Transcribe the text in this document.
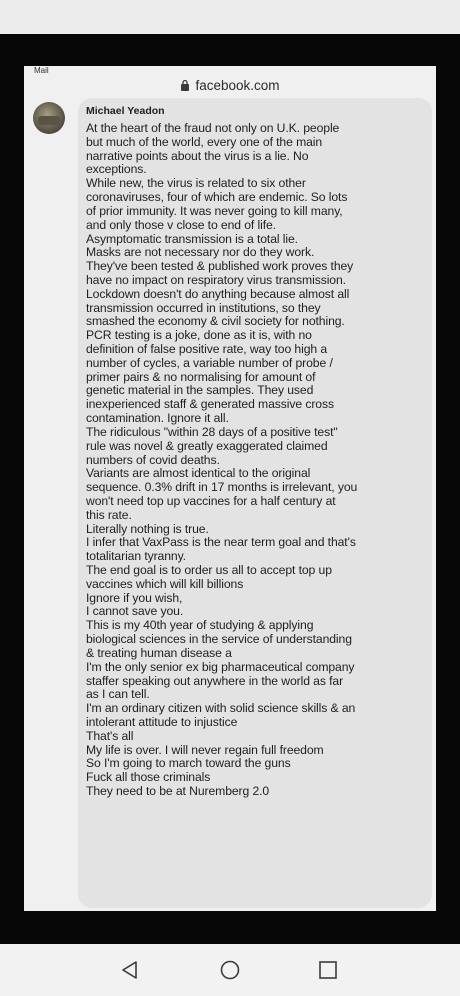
Mail
facebook.com
Michael Yeadon
At the heart of the fraud not only on U.K. people
but much of the world, every one of the main
narrative points about the virus is a lie. No
exceptions.
While new, the virus is related to six other
coronaviruses, four of which are endemic. So lots
of prior immunity. It was never going to kill many,
and only those v close to end of life.
Asymptomatic transmission is a total lie.
Masks are not necessary nor do they work.
They've been tested & published work proves they
have no impact on respiratory virus transmission.
Lockdown doesn't do anything because almost all
transmission occurred in institutions, so they
smashed the economy & civil society for nothing.
PCR testing is a joke, done as it is, with no
definition of false positive rate, way too high a
number of cycles, a variable number of probe /
primer pairs & no normalising for amount of
genetic material in the samples. They used
inexperienced staff & generated massive cross
contamination. Ignore it all.
The ridiculous "within 28 days of a positive test"
rule was novel & greatly exaggerated claimed
numbers of covid deaths.
Variants are almost identical to the original
sequence. 0.3% drift in 17 months is irrelevant, you
won't need top up vaccines for a half century at
this rate.
Literally nothing is true.
I infer that VaxPass is the near term goal and that's
totalitarian tyranny.
The end goal is to order us all to accept top up
vaccines which will kill billions
Ignore if you wish,
I cannot save you.
This is my 40th year of studying & applying
biological sciences in the service of understanding
& treating human disease a
I'm the only senior ex big pharmaceutical company
staffer speaking out anywhere in the world as far
as I can tell.
I'm an ordinary citizen with solid science skills & an
intolerant attitude to injustice
That's all
My life is over. I will never regain full freedom
So I'm going to march toward the guns
Fuck all those criminals
They need to be at Nuremberg 2.0
